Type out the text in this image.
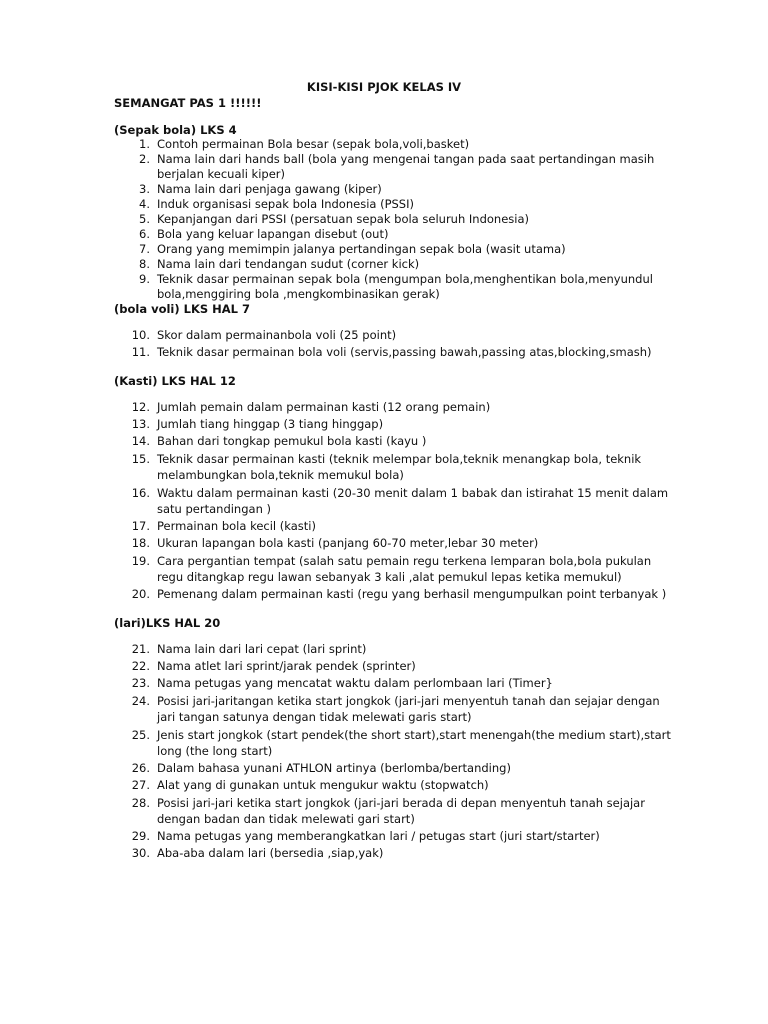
KISI-KISI PJOK KELAS IV
SEMANGAT PAS 1 !!!!!!
(Sepak bola) LKS 4
1. Contoh permainan Bola besar (sepak bola,voli,basket)
2. Nama lain dari hands ball (bola yang mengenai tangan pada saat pertandingan masih berjalan kecuali kiper)
3. Nama lain dari penjaga gawang (kiper)
4. Induk organisasi sepak bola Indonesia (PSSI)
5. Kepanjangan dari PSSI (persatuan sepak bola seluruh Indonesia)
6. Bola yang keluar lapangan disebut (out)
7. Orang yang memimpin jalanya pertandingan sepak bola (wasit utama)
8. Nama lain dari tendangan sudut (corner kick)
9. Teknik dasar permainan sepak bola (mengumpan bola,menghentikan bola,menyundul bola,menggiring bola ,mengkombinasikan gerak)
(bola voli) LKS HAL 7
10. Skor dalam permainanbola voli (25 point)
11. Teknik dasar permainan bola voli (servis,passing bawah,passing atas,blocking,smash)
(Kasti) LKS HAL 12
12. Jumlah pemain dalam permainan kasti (12 orang pemain)
13. Jumlah tiang hinggap (3 tiang hinggap)
14. Bahan dari tongkap pemukul bola kasti (kayu )
15. Teknik dasar permainan kasti (teknik melempar bola,teknik menangkap bola, teknik melambungkan bola,teknik memukul bola)
16. Waktu dalam permainan kasti (20-30 menit dalam 1 babak dan istirahat 15 menit dalam satu pertandingan )
17. Permainan bola kecil (kasti)
18. Ukuran lapangan bola kasti (panjang 60-70 meter,lebar 30 meter)
19. Cara pergantian tempat (salah satu pemain regu terkena lemparan bola,bola pukulan regu ditangkap regu lawan sebanyak 3 kali ,alat pemukul lepas ketika memukul)
20. Pemenang dalam permainan kasti (regu yang berhasil mengumpulkan point terbanyak )
(lari)LKS HAL 20
21. Nama lain dari lari cepat (lari sprint)
22. Nama atlet lari sprint/jarak pendek (sprinter)
23. Nama petugas yang mencatat waktu dalam perlombaan lari (Timer}
24. Posisi jari-jaritangan ketika start jongkok (jari-jari menyentuh tanah dan sejajar dengan jari tangan satunya dengan tidak melewati garis start)
25. Jenis start jongkok (start pendek(the short start),start menengah(the medium start),start long (the long start)
26. Dalam bahasa yunani ATHLON artinya (berlomba/bertanding)
27. Alat yang di gunakan untuk mengukur waktu (stopwatch)
28. Posisi jari-jari ketika start jongkok (jari-jari berada di depan menyentuh tanah sejajar dengan badan dan tidak melewati gari start)
29. Nama petugas yang memberangkatkan lari / petugas start (juri start/starter)
30. Aba-aba dalam lari (bersedia ,siap,yak)
